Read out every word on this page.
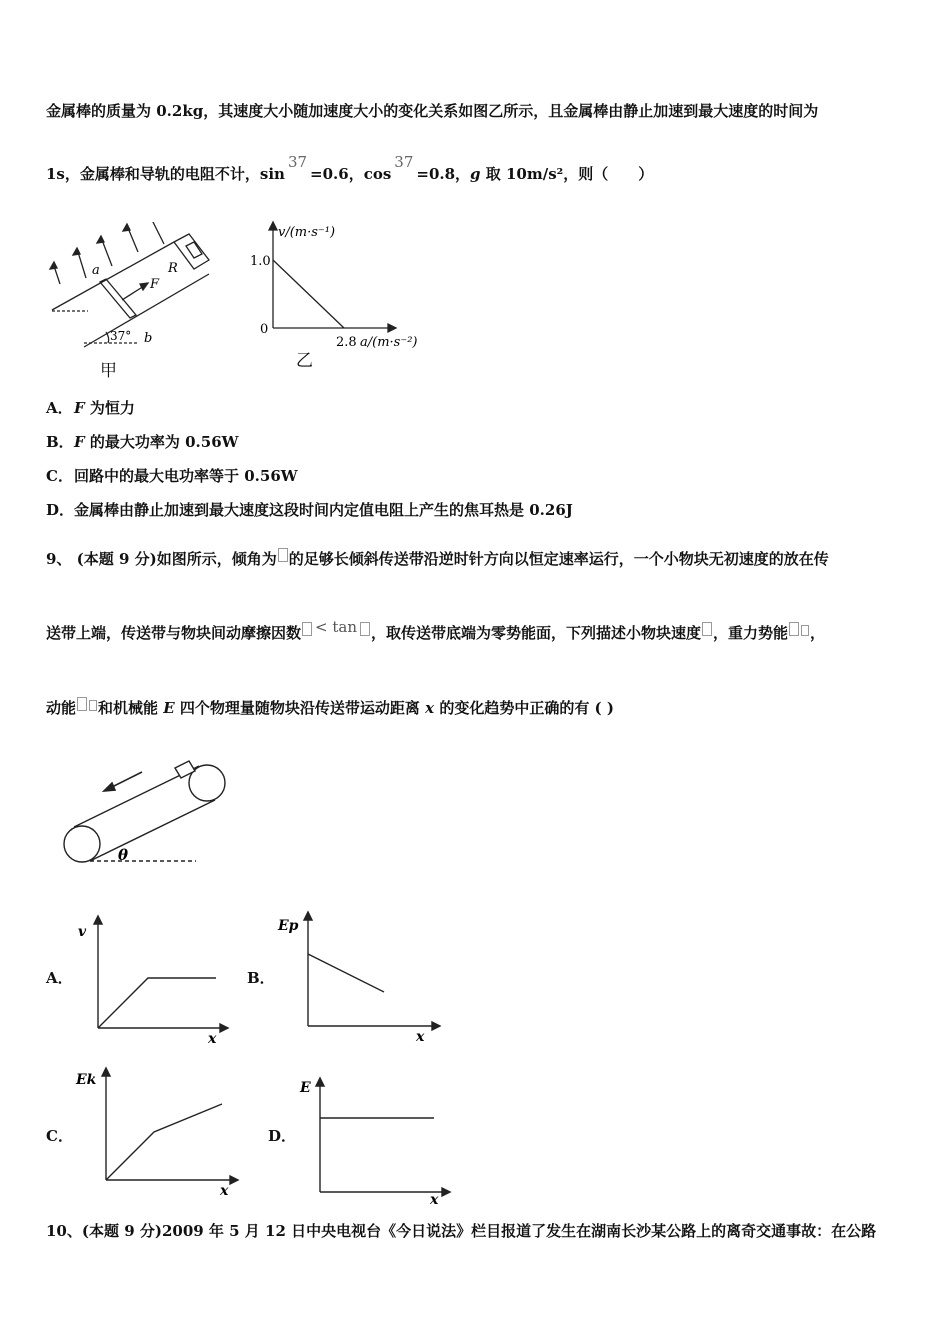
金属棒的质量为 0.2kg，其速度大小随加速度大小的变化关系如图乙所示，且金属棒由静止加速到最大速度的时间为
1s，金属棒和导轨的电阻不计，sin37=0.6，cos37=0.8，g 取 10m/s²，则（　　）
a
b
F
R
37°
甲
v/(m·s⁻¹)
1.0
0
2.8 a/(m·s⁻²)
乙
A．F 为恒力
B．F 的最大功率为 0.56W
C．回路中的最大电功率等于 0.56W
D．金属棒由静止加速到最大速度这段时间内定值电阻上产生的焦耳热是 0.26J
9、 (本题 9 分)如图所示，倾角为 的足够长倾斜传送带沿逆时针方向以恒定速率运行，一个小物块无初速度的放在传
送带上端，传送带与物块间动摩擦因数 < tan ，取传送带底端为零势能面，下列描述小物块速度 ，重力势能 ，
动能 和机械能 E 四个物理量随物块沿传送带运动距离 x 的变化趋势中正确的有 ( )
θ
A．
v
x
B．
Ep
x
C．
Ek
x
D．
E
x
10、(本题 9 分)2009 年 5 月 12 日中央电视台《今日说法》栏目报道了发生在湖南长沙某公路上的离奇交通事故：在公路
